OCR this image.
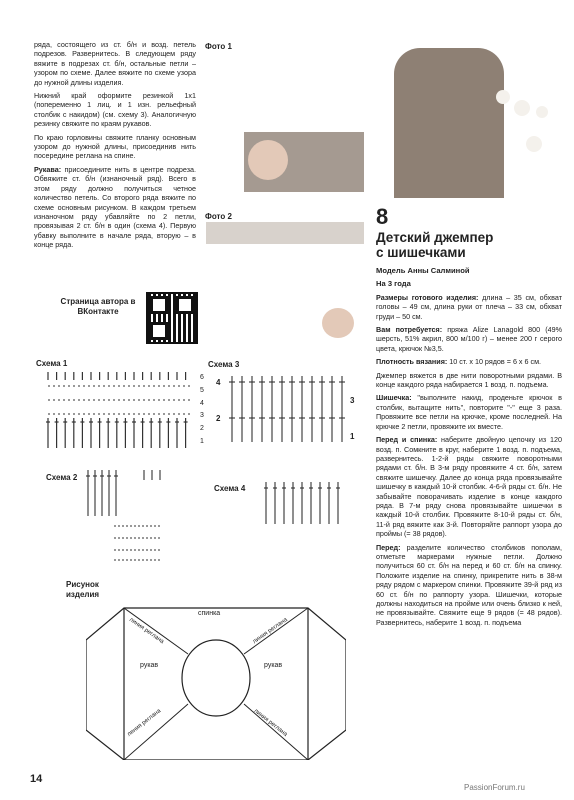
ряда, состоящего из ст. б/н и возд. петель подрезов. Развернитесь. В следующем ряду вяжите в подрезах ст. б/н, остальные петли – узором по схеме. Далее вяжите по схеме узора до нужной длины изделия.

Нижний край оформите резинкой 1х1 (попеременно 1 лиц. и 1 изн. рельефный столбик с накидом) (см. схему 3). Аналогичную резинку свяжите по краям рукавов.

По краю горловины свяжите планку основным узором до нужной длины, присоединив нить посередине реглана на спине.

Рукава: присоедините нить в центре подреза. Обвяжите ст. б/н (изнаночный ряд). Всего в этом ряду должно получиться четное количество петель. Со второго ряда вяжите по схеме основным рисунком. В каждом третьем изнаночном ряду убавляйте по 2 петли, провязывая 2 ст. б/н в один (схема 4). Первую убавку выполните в начале ряда, вторую – в конце ряда.

Страница автора в ВКонтакте
Фото 1
Фото 2	8
Детский джемпер
с шишечками

Модель Анны Салминой

На 3 года

Размеры готового изделия: длина – 35 см, обхват головы – 49 см, длина руки от плеча – 33 см, обхват груди – 50 см.

Вам потребуется: пряжа Alize Lanagold 800 (49% шерсть, 51% акрил, 800 м/100 г) – менее 200 г серого цвета, крючок №3,5.

Плотность вязания: 10 ст. х 10 рядов = 6 х 6 см.

Джемпер вяжется в две нити поворотными рядами. В конце каждого ряда набирается 1 возд. п. подъема.

Шишечка: "выполните накид, проденьте крючок в столбик, вытащите нить", повторите "-" еще 3 раза. Провяжите все петли на крючке, кроме последней. На крючке 2 петли, провяжите их вместе.

Перед и спинка: наберите двойную цепочку из 120 возд. п. Сомкните в круг, наберите 1 возд. п. подъема, развернитесь. 1-2-й ряды свяжите поворотными рядами ст. б/н. В 3-м ряду провяжите 4 ст. б/н, затем свяжите шишечку. Далее до конца ряда провязывайте шишечку в каждый 10-й столбик. 4-6-й ряды ст. б/н. Не забывайте поворачивать изделие в конце каждого ряда. В 7-м ряду снова провязывайте шишечки в каждый 10-й столбик. Провяжите 8-10-й ряды ст. б/н, 11-й ряд вяжите как 3-й. Повторяйте раппорт узора до проймы (= 38 рядов).

Перед: разделите количество столбиков пополам, отметьте маркерами нужные петли. Должно получиться 60 ст. б/н на перед и 60 ст. б/н на спинку. Положите изделие на спинку, прикрепите нить в 38-м ряду рядом с маркером спинки. Провяжите 39-й ряд из 60 ст. б/н по раппорту узора. Шишечки, которые должны находиться на пройме или очень близко к ней, не провязывайте. Свяжите еще 9 рядов (= 48 рядов). Развернитесь, наберите 1 возд. п. подъема

Схема 1
6
5
4
3
2
1
Схема 3
4
3
2
1
Схема 2
Схема 4
Рисунок изделия
спинка
рукав	рукав
линия реглана	линия реглана
линия реглана	линия реглана
14
PassionForum.ru
